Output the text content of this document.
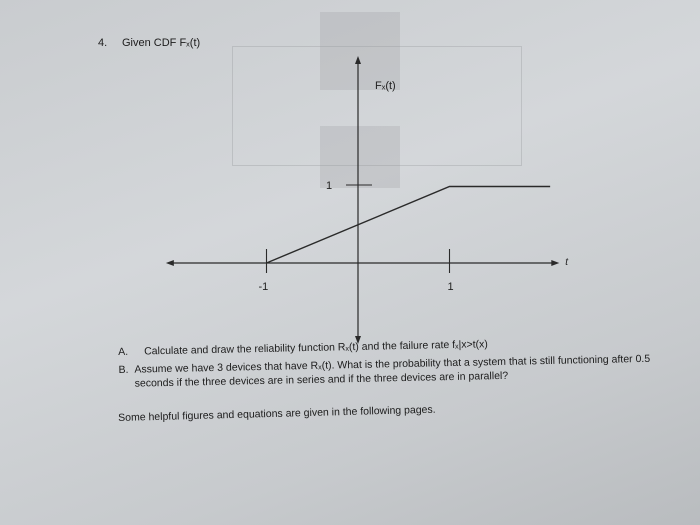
4. Given CDF Fₓ(t)
-1	1
1
Fₓ(t)
t
A.	Calculate and draw the reliability function Rₓ(t) and the failure rate fₓ|x>t(x)
B. Assume we have 3 devices that have Rₓ(t). What is the probability that a system that is still functioning after 0.5 seconds if the three devices are in series and if the three devices are in parallel?
Some helpful figures and equations are given in the following pages.
